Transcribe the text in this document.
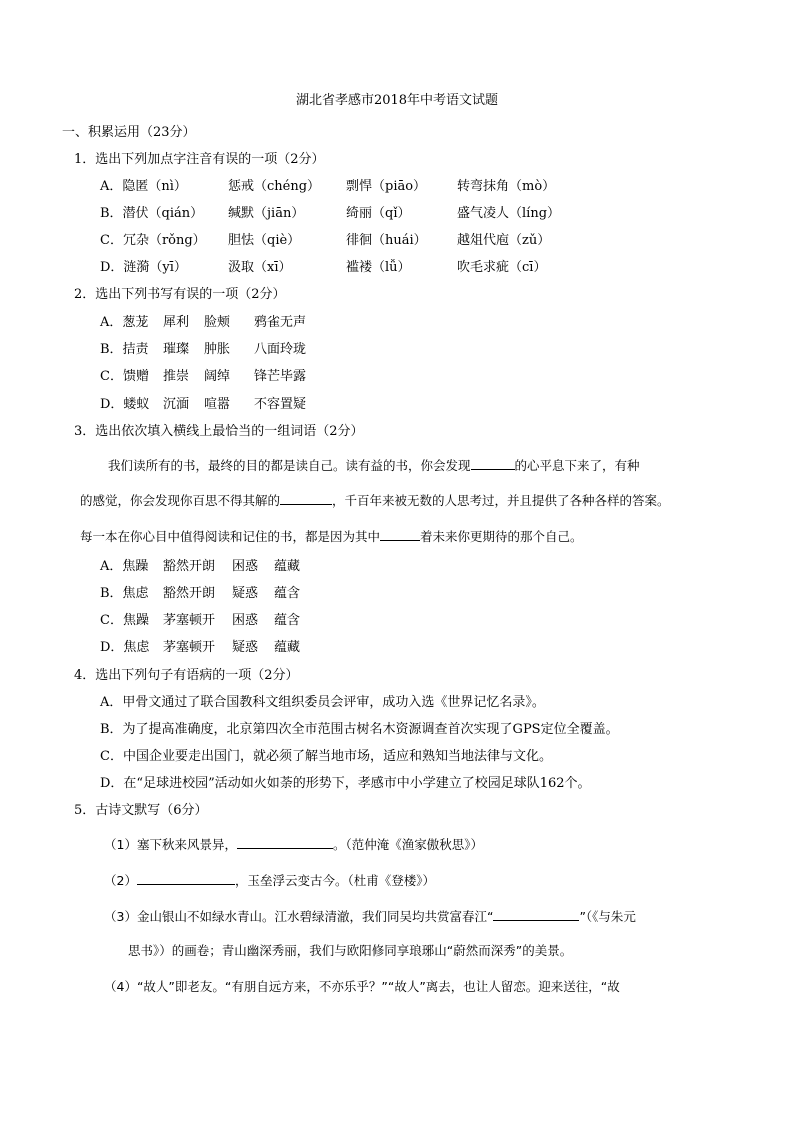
湖北省孝感市2018年中考语文试题
一、积累运用（23分）
1．选出下列加点字注音有误的一项（2分）
A．隐匿（nì）	惩戒（chéng） 剽悍（piāo） 转弯抹角（mò）
B．潜伏（qián） 缄默（jiān）	绮丽（qǐ）	盛气凌人（líng）
C．冗杂（rǒng） 胆怯（qiè）	徘徊（huái） 越俎代庖（zǔ）
D．涟漪（yī）	汲取（xī）	褴褛（lǚ）	吹毛求疵（cī）
2．选出下列书写有误的一项（2分）
A．葱茏 犀利 脸颊 鸦雀无声
B．拮责 璀璨 肿胀 八面玲珑
C．馈赠 推崇 阔绰 锋芒毕露
D．蝼蚁 沉湎 喧嚣 不容置疑
3．选出依次填入横线上最恰当的一组词语（2分）
我们读所有的书，最终的目的都是读自己。读有益的书，你会发现	的心平息下来了，有种
的感觉，你会发现你百思不得其解的	，千百年来被无数的人思考过，并且提供了各种各样的答案。
每一本在你心目中值得阅读和记住的书，都是因为其中	着未来你更期待的那个自己。
A．焦躁 豁然开朗 困惑 蕴藏
B．焦虑 豁然开朗 疑惑 蕴含
C．焦躁 茅塞顿开 困惑 蕴含
D．焦虑 茅塞顿开 疑惑 蕴藏
4．选出下列句子有语病的一项（2分）
A．甲骨文通过了联合国教科文组织委员会评审，成功入选《世界记忆名录》。
B．为了提高准确度，北京第四次全市范围古树名木资源调查首次实现了GPS定位全覆盖。
C．中国企业要走出国门，就必须了解当地市场，适应和熟知当地法律与文化。
D．在“足球进校园”活动如火如荼的形势下，孝感市中小学建立了校园足球队162个。
5．古诗文默写（6分）
（1）塞下秋来风景异，	。（范仲淹《渔家傲秋思》）
（2）	，玉垒浮云变古今。（杜甫《登楼》）
（3）金山银山不如绿水青山。江水碧绿清澈，我们同吴均共赏富春江“	”（《与朱元
思书》）的画卷；青山幽深秀丽，我们与欧阳修同享琅琊山“蔚然而深秀”的美景。
（4）“故人”即老友。“有朋自远方来，不亦乐乎？”“故人”离去，也让人留恋。迎来送往，“故
